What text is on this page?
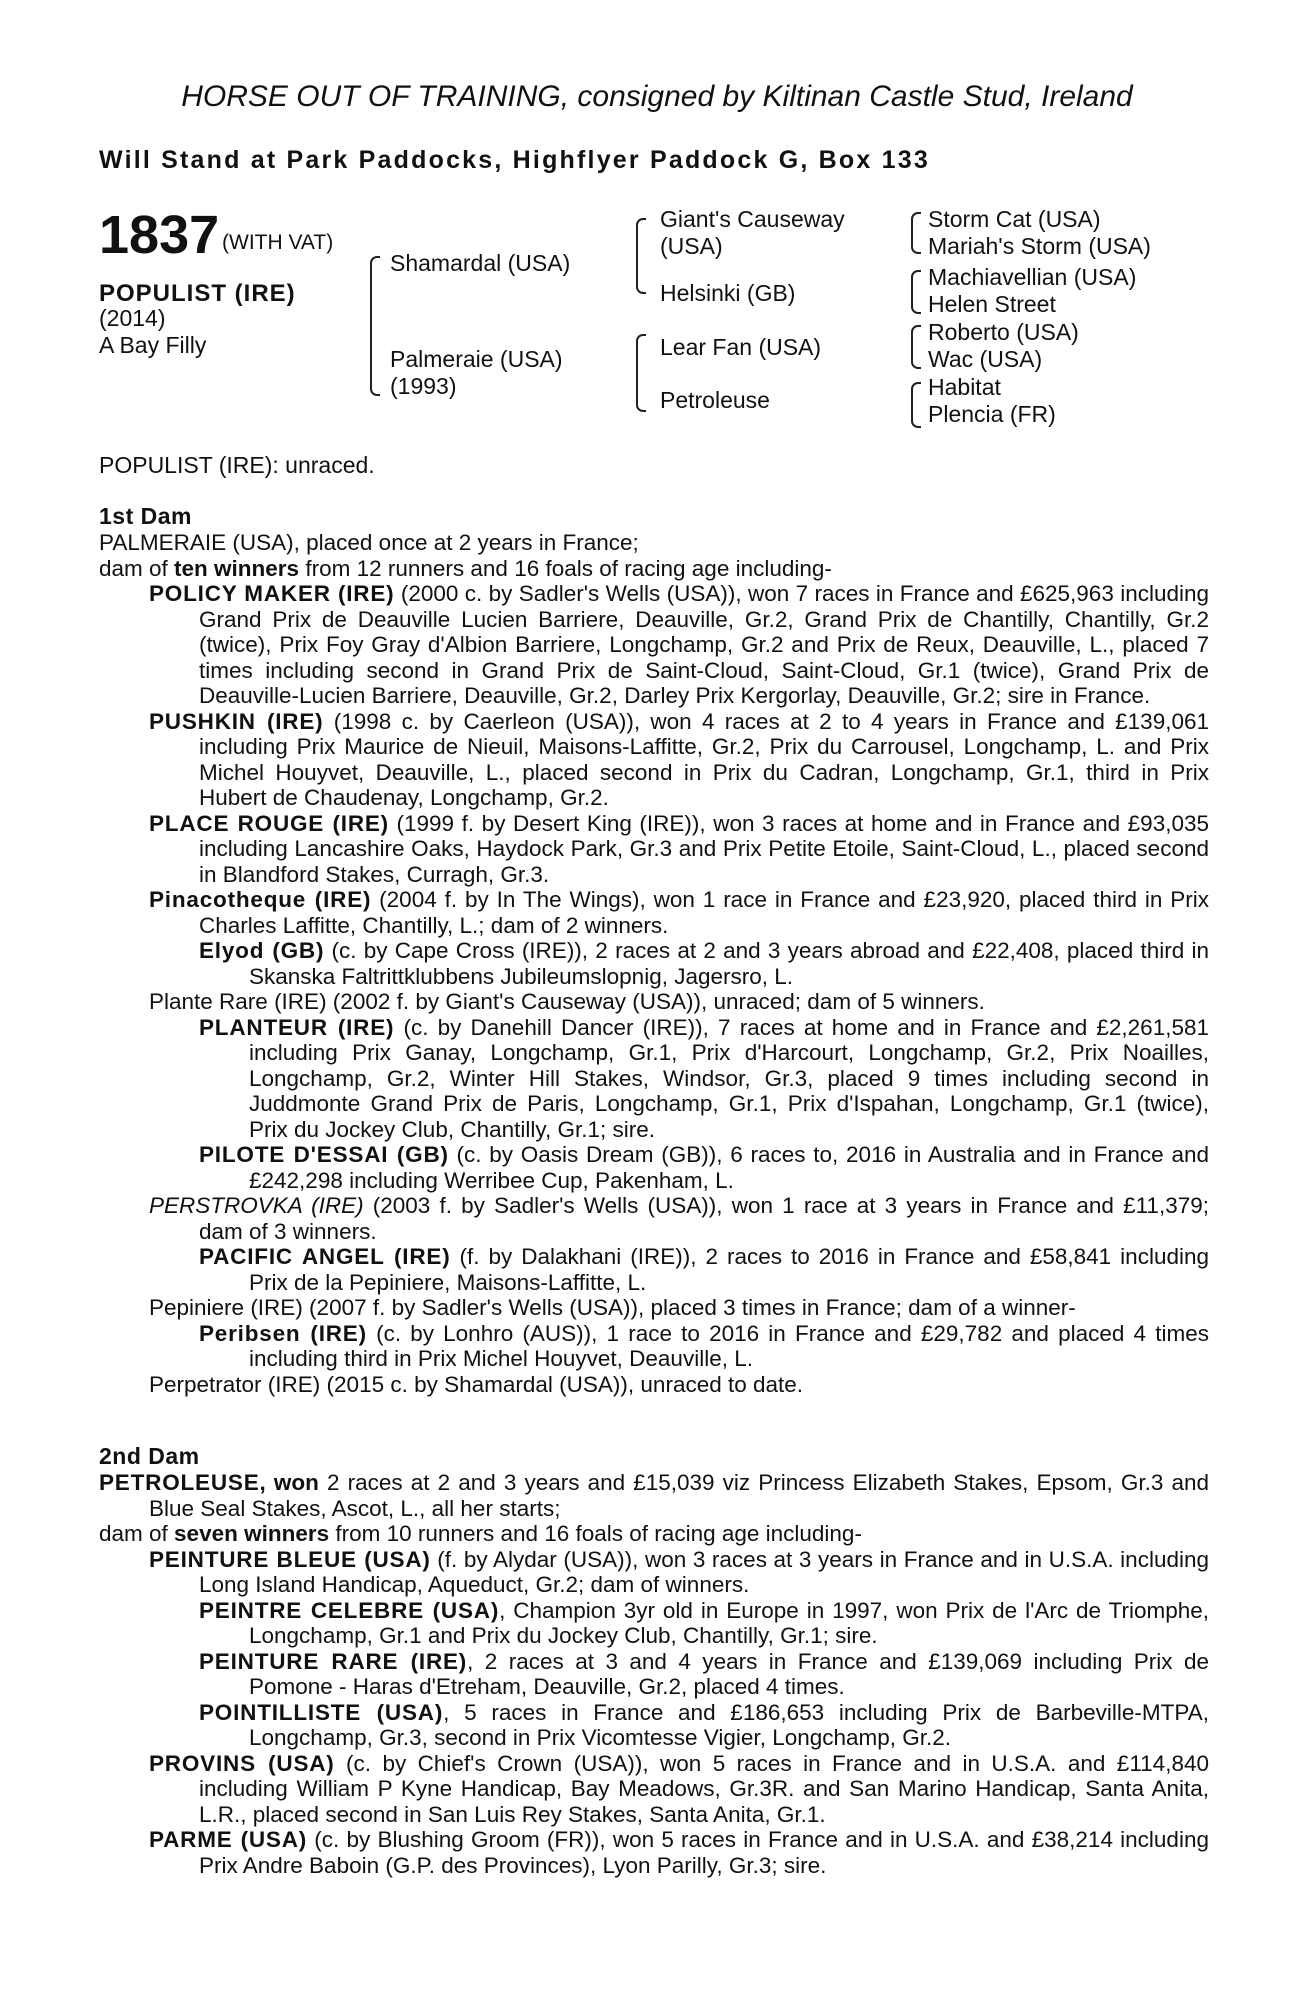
HORSE OUT OF TRAINING, consigned by Kiltinan Castle Stud, Ireland
Will Stand at Park Paddocks, Highflyer Paddock G, Box 133
1837 (WITH VAT)
POPULIST (IRE)
(2014)
A Bay Filly
Shamardal (USA)
Palmeraie (USA)
(1993)
Giant's Causeway
(USA)
Helsinki (GB)
Lear Fan (USA)
Petroleuse
Storm Cat (USA)
Mariah's Storm (USA)
Machiavellian (USA)
Helen Street
Roberto (USA)
Wac (USA)
Habitat
Plencia (FR)
POPULIST (IRE): unraced.
1st Dam

PALMERAIE (USA), placed once at 2 years in France;

dam of ten winners from 12 runners and 16 foals of racing age including-

POLICY MAKER (IRE) (2000 c. by Sadler's Wells (USA)), won 7 races in France and £625,963 including Grand Prix de Deauville Lucien Barriere, Deauville, Gr.2, Grand Prix de Chantilly, Chantilly, Gr.2 (twice), Prix Foy Gray d'Albion Barriere, Longchamp, Gr.2 and Prix de Reux, Deauville, L., placed 7 times including second in Grand Prix de Saint-Cloud, Saint-Cloud, Gr.1 (twice), Grand Prix de Deauville-Lucien Barriere, Deauville, Gr.2, Darley Prix Kergorlay, Deauville, Gr.2; sire in France.

PUSHKIN (IRE) (1998 c. by Caerleon (USA)), won 4 races at 2 to 4 years in France and £139,061 including Prix Maurice de Nieuil, Maisons-Laffitte, Gr.2, Prix du Carrousel, Longchamp, L. and Prix Michel Houyvet, Deauville, L., placed second in Prix du Cadran, Longchamp, Gr.1, third in Prix Hubert de Chaudenay, Longchamp, Gr.2.

PLACE ROUGE (IRE) (1999 f. by Desert King (IRE)), won 3 races at home and in France and £93,035 including Lancashire Oaks, Haydock Park, Gr.3 and Prix Petite Etoile, Saint-Cloud, L., placed second in Blandford Stakes, Curragh, Gr.3.

Pinacotheque (IRE) (2004 f. by In The Wings), won 1 race in France and £23,920, placed third in Prix Charles Laffitte, Chantilly, L.; dam of 2 winners.

Elyod (GB) (c. by Cape Cross (IRE)), 2 races at 2 and 3 years abroad and £22,408, placed third in Skanska Faltrittklubbens Jubileumslopnig, Jagersro, L.

Plante Rare (IRE) (2002 f. by Giant's Causeway (USA)), unraced; dam of 5 winners.

PLANTEUR (IRE) (c. by Danehill Dancer (IRE)), 7 races at home and in France and £2,261,581 including Prix Ganay, Longchamp, Gr.1, Prix d'Harcourt, Longchamp, Gr.2, Prix Noailles, Longchamp, Gr.2, Winter Hill Stakes, Windsor, Gr.3, placed 9 times including second in Juddmonte Grand Prix de Paris, Longchamp, Gr.1, Prix d'Ispahan, Longchamp, Gr.1 (twice), Prix du Jockey Club, Chantilly, Gr.1; sire.

PILOTE D'ESSAI (GB) (c. by Oasis Dream (GB)), 6 races to, 2016 in Australia and in France and £242,298 including Werribee Cup, Pakenham, L.

PERSTROVKA (IRE) (2003 f. by Sadler's Wells (USA)), won 1 race at 3 years in France and £11,379; dam of 3 winners.

PACIFIC ANGEL (IRE) (f. by Dalakhani (IRE)), 2 races to 2016 in France and £58,841 including Prix de la Pepiniere, Maisons-Laffitte, L.

Pepiniere (IRE) (2007 f. by Sadler's Wells (USA)), placed 3 times in France; dam of a winner-

Peribsen (IRE) (c. by Lonhro (AUS)), 1 race to 2016 in France and £29,782 and placed 4 times including third in Prix Michel Houyvet, Deauville, L.

Perpetrator (IRE) (2015 c. by Shamardal (USA)), unraced to date.

2nd Dam

PETROLEUSE, won 2 races at 2 and 3 years and £15,039 viz Princess Elizabeth Stakes, Epsom, Gr.3 and Blue Seal Stakes, Ascot, L., all her starts;

dam of seven winners from 10 runners and 16 foals of racing age including-

PEINTURE BLEUE (USA) (f. by Alydar (USA)), won 3 races at 3 years in France and in U.S.A. including Long Island Handicap, Aqueduct, Gr.2; dam of winners.

PEINTRE CELEBRE (USA), Champion 3yr old in Europe in 1997, won Prix de l'Arc de Triomphe, Longchamp, Gr.1 and Prix du Jockey Club, Chantilly, Gr.1; sire.

PEINTURE RARE (IRE), 2 races at 3 and 4 years in France and £139,069 including Prix de Pomone - Haras d'Etreham, Deauville, Gr.2, placed 4 times.

POINTILLISTE (USA), 5 races in France and £186,653 including Prix de Barbeville-MTPA, Longchamp, Gr.3, second in Prix Vicomtesse Vigier, Longchamp, Gr.2.

PROVINS (USA) (c. by Chief's Crown (USA)), won 5 races in France and in U.S.A. and £114,840 including William P Kyne Handicap, Bay Meadows, Gr.3R. and San Marino Handicap, Santa Anita, L.R., placed second in San Luis Rey Stakes, Santa Anita, Gr.1.

PARME (USA) (c. by Blushing Groom (FR)), won 5 races in France and in U.S.A. and £38,214 including Prix Andre Baboin (G.P. des Provinces), Lyon Parilly, Gr.3; sire.
